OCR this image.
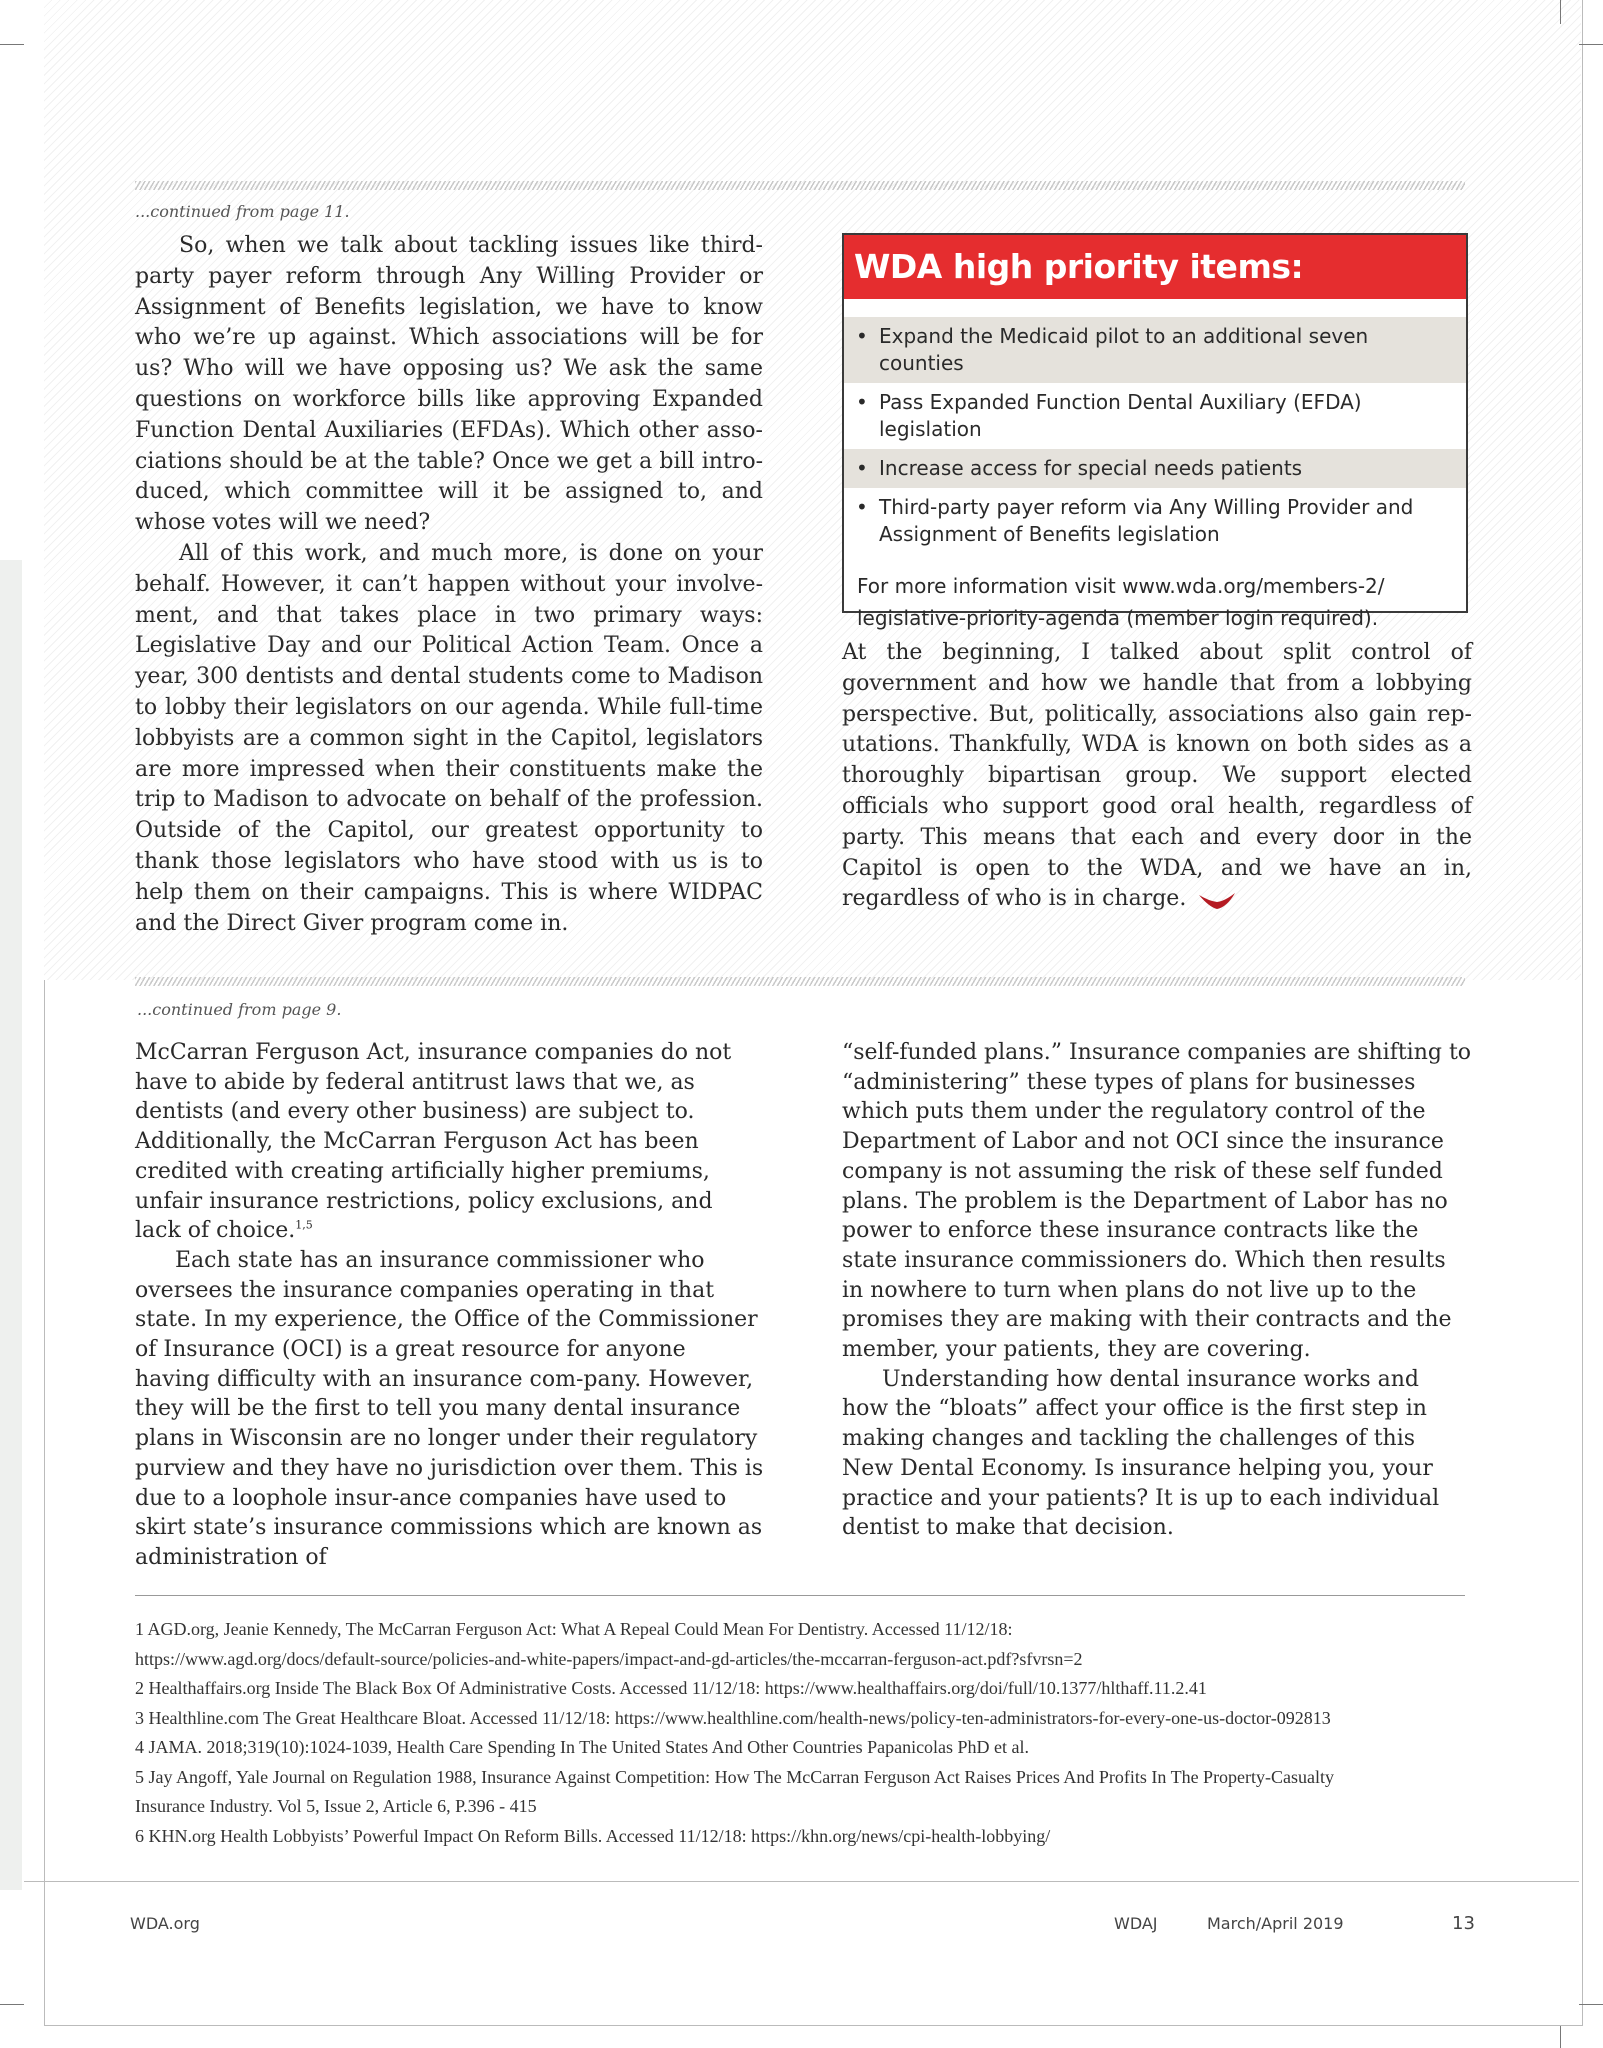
...continued from page 11.

So, when we talk about tackling issues like third-party payer reform through Any Willing Provider or Assignment of Benefits legislation, we have to know who we’re up against. Which associations will be for us? Who will we have opposing us? We ask the same questions on workforce bills like approving Expanded Function Dental Auxiliaries (EFDAs). Which other asso-ciations should be at the table? Once we get a bill intro-duced, which committee will it be assigned to, and whose votes will we need?

All of this work, and much more, is done on your behalf. However, it can’t happen without your involve-ment, and that takes place in two primary ways: Legislative Day and our Political Action Team. Once a year, 300 dentists and dental students come to Madison to lobby their legislators on our agenda. While full-time lobbyists are a common sight in the Capitol, legislators are more impressed when their constituents make the trip to Madison to advocate on behalf of the profession. Outside of the Capitol, our greatest opportunity to thank those legislators who have stood with us is to help them on their campaigns. This is where WIDPAC and the Direct Giver program come in.

WDA high priority items:
• Expand the Medicaid pilot to an additional seven counties
• Pass Expanded Function Dental Auxiliary (EFDA) legislation
• Increase access for special needs patients
• Third-party payer reform via Any Willing Provider and Assignment of Benefits legislation
For more information visit www.wda.org/members-2/ legislative-priority-agenda (member login required).

At the beginning, I talked about split control of government and how we handle that from a lobbying perspective. But, politically, associations also gain rep-utations. Thankfully, WDA is known on both sides as a thoroughly bipartisan group. We support elected officials who support good oral health, regardless of party. This means that each and every door in the Capitol is open to the WDA, and we have an in, regardless of who is in charge.

...continued from page 9.

McCarran Ferguson Act, insurance companies do not have to abide by federal antitrust laws that we, as dentists (and every other business) are subject to. Additionally, the McCarran Ferguson Act has been credited with creating artificially higher premiums, unfair insurance restrictions, policy exclusions, and lack of choice.$^{1,5}$

Each state has an insurance commissioner who oversees the insurance companies operating in that state. In my experience, the Office of the Commissioner of Insurance (OCI) is a great resource for anyone having difficulty with an insurance com-pany. However, they will be the first to tell you many dental insurance plans in Wisconsin are no longer under their regulatory purview and they have no jurisdiction over them. This is due to a loophole insur-ance companies have used to skirt state’s insurance commissions which are known as administration of

“self-funded plans.” Insurance companies are shifting to “administering” these types of plans for businesses which puts them under the regulatory control of the Department of Labor and not OCI since the insurance company is not assuming the risk of these self funded plans. The problem is the Department of Labor has no power to enforce these insurance contracts like the state insurance commissioners do. Which then results in nowhere to turn when plans do not live up to the promises they are making with their contracts and the member, your patients, they are covering.

Understanding how dental insurance works and how the “bloats” affect your office is the first step in making changes and tackling the challenges of this New Dental Economy. Is insurance helping you, your practice and your patients? It is up to each individual dentist to make that decision.

1 AGD.org, Jeanie Kennedy, The McCarran Ferguson Act: What A Repeal Could Mean For Dentistry. Accessed 11/12/18:
https://www.agd.org/docs/default-source/policies-and-white-papers/impact-and-gd-articles/the-mccarran-ferguson-act.pdf?sfvrsn=2
2 Healthaffairs.org Inside The Black Box Of Administrative Costs. Accessed 11/12/18: https://www.healthaffairs.org/doi/full/10.1377/hlthaff.11.2.41
3 Healthline.com The Great Healthcare Bloat. Accessed 11/12/18: https://www.healthline.com/health-news/policy-ten-administrators-for-every-one-us-doctor-092813
4 JAMA. 2018;319(10):1024-1039, Health Care Spending In The United States And Other Countries Papanicolas PhD et al.
5 Jay Angoff, Yale Journal on Regulation 1988, Insurance Against Competition: How The McCarran Ferguson Act Raises Prices And Profits In The Property-Casualty
Insurance Industry. Vol 5, Issue 2, Article 6, P.396 - 415
6 KHN.org Health Lobbyists’ Powerful Impact On Reform Bills. Accessed 11/12/18: https://khn.org/news/cpi-health-lobbying/
WDA.org	WDAJ	March/April 2019	13
